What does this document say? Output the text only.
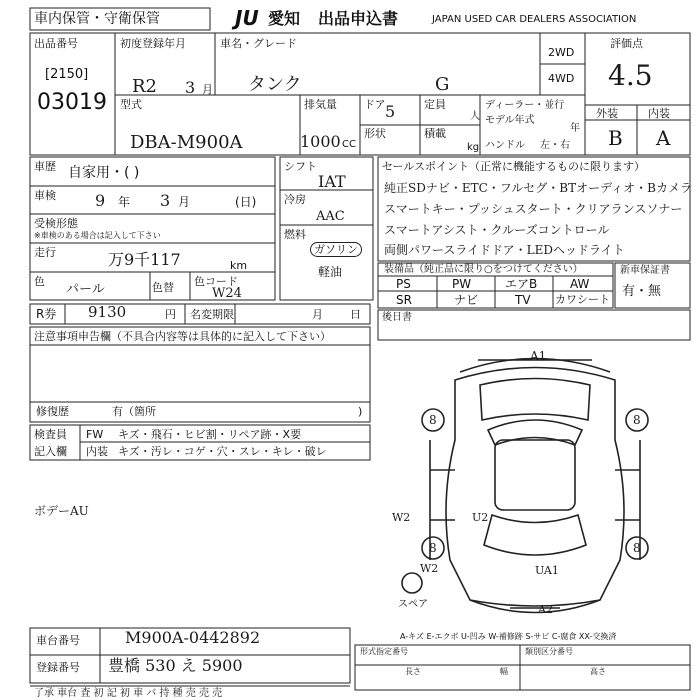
車内保管・守衛保管	JU 愛知 出品申込書	JAPAN USED CAR DEALERS ASSOCIATION
出品番号
[2150]
03019
初度登録年月
R2 3 月
車名・グレード
タンク	G
2WD
4WD
評価点
4.5
外装	内装
B A
型式
DBA-M900A
排気量
1000 CC
ドア 5	定員
人
形状	積載
kg
ディーラー・並行
モデル年式
年
ハンドル 左・右
車歴 自家用・( )
車検 9 年 3 月	(日)
受検形態
※車検のある場合は記入して下さい
走行	万9千117	km
色
パール	色替 色コード
W24
シフト
IAT
冷房
AAC
燃料
ガソリン
軽油
セールスポイント（正常に機能するものに限ります）
純正SDナビ・ETC・フルセグ・BTオーディオ・Bカメラ
スマートキー・プッシュスタート・クリアランスソナー
スマートアシスト・クルーズコントロール
両側パワースライドドア・LEDヘッドライト
装備品（純正品に限り○をつけてください）
PS	PW	エアB	AW
SR	ナビ	TV カワシート
新車保証書
有・無
R券 9130	円 名変期限	月 日 後日書
注意事項申告欄（不具合内容等は具体的に記入して下さい）
修復歴	有（箇所	)
検査員
記入欄
FW キズ・飛石・ヒビ割・リペア跡・X要
内装 キズ・汚レ・コゲ・穴・スレ・キレ・破レ
ボデーAU
A1
8	8
8	8
W2	U2
W2	UA1
A2
スペア
A-キズ E-エクボ U-凹み W-補修跡 S-サビ C-腐食 XX-交換済
車台番号	M900A-0442892
登録番号 豊橋 530 え 5900
形式指定番号	類別区分番号
長さ	幅	高さ
了承 車台 査 初 記 初 車 バ 持 種 売 売 売
